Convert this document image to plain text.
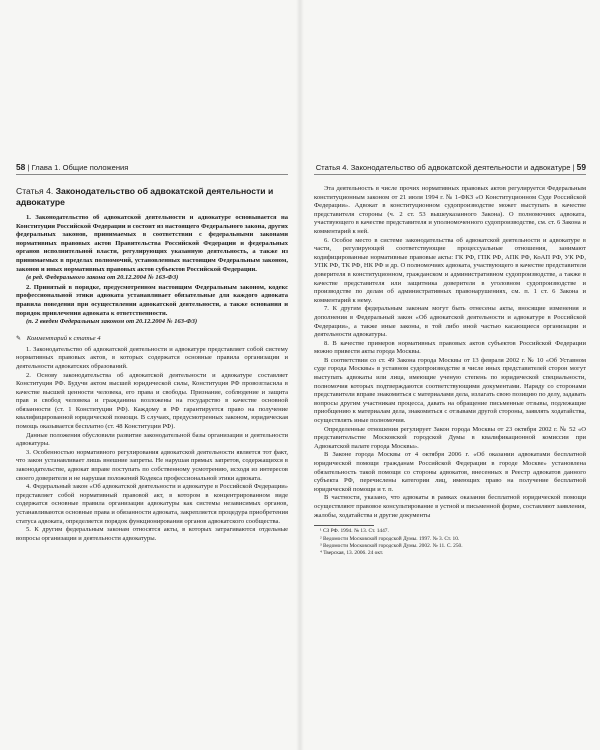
58 | Глава 1. Общие положения
Статья 4. Законодательство об адвокатской деятельности и адвокатуре

1. Законодательство об адвокатской деятельности и адвокатуре основывается на Конституции Российской Федерации и состоит из настоящего Федерального закона, других федеральных законов, принимаемых в соответствии с федеральными законами нормативных правовых актов Правительства Российской Федерации и федеральных органов исполнительной власти, регулирующих указанную деятельность, а также из принимаемых в пределах полномочий, установленных настоящим Федеральным законом, законов и иных нормативных правовых актов субъектов Российской Федерации.

(в ред. Федерального закона от 20.12.2004 № 163-ФЗ)

2. Принятый в порядке, предусмотренном настоящим Федеральным законом, кодекс профессиональной этики адвоката устанавливает обязательные для каждого адвоката правила поведения при осуществлении адвокатской деятельности, а также основания и порядок привлечения адвоката к ответственности.

(п. 2 введен Федеральным законом от 20.12.2004 № 163-ФЗ)

✎ Комментарий к статье 4

1. Законодательство об адвокатской деятельности и адвокатуре представляет собой систему нормативных правовых актов, в которых содержатся основные правила организации и деятельности адвокатских образований.

2. Основу законодательства об адвокатской деятельности и адвокатуре составляет Конституция РФ. Будучи актом высшей юридической силы, Конституция РФ провозгласила в качестве высшей ценности человека, его права и свободы. Признание, соблюдение и защита прав и свобод человека и гражданина возложены на государство в качестве основной обязанности (ст. 1 Конституции РФ). Каждому в РФ гарантируется право на получение квалифицированной юридической помощи. В случаях, предусмотренных законом, юридическая помощь оказывается бесплатно (ст. 48 Конституции РФ).

Данные положения обусловили развитие законодательной базы организации и деятельности адвокатуры.

3. Особенностью нормативного регулирования адвокатской деятельности является тот факт, что закон устанавливает лишь внешние запреты. Не нарушая прямых запретов, содержащихся в законодательстве, адвокат вправе поступать по собственному усмотрению, исходя из интересов своего доверителя и не нарушая положений Кодекса профессиональной этики адвоката.

4. Федеральный закон «Об адвокатской деятельности и адвокатуре в Российской Федерации» представляет собой нормативный правовой акт, в котором в концентрированном виде содержатся основные правила организации адвокатуры как системы независимых органов, устанавливаются основные права и обязанности адвоката, закрепляется процедура приобретения статуса адвоката, определяется порядок функционирования органов адвокатского сообщества.

5. К другим федеральным законам относятся акты, в которых затрагиваются отдельные вопросы организации и деятельности адвокатуры.

Статья 4. Законодательство об адвокатской деятельности и адвокатуре | 59

Эта деятельность в числе прочих нормативных правовых актов регулируется Федеральным конституционным законом от 21 июля 1994 г. № 1-ФКЗ «О Конституционном Суде Российской Федерации». Адвокат в конституционном судопроизводстве может выступать в качестве представителя стороны (ч. 2 ст. 53 вышеуказанного Закона). О полномочиях адвоката, участвующего в качестве представителя и уполномоченного судопроизводстве, см. ст. 6 Закона и комментарий к ней.

6. Особое место в системе законодательства об адвокатской деятельности и адвокатуре в части, регулирующей соответствующие процессуальные отношения, занимают кодифицированные нормативные правовые акты: ГК РФ, ГПК РФ, АПК РФ, КоАП РФ, УК РФ, УПК РФ, ТК РФ, НК РФ и др. О полномочиях адвоката, участвующего в качестве представителя доверителя в конституционном, гражданском и административном судопроизводстве, а также в качестве представителя или защитника доверителя в уголовном судопроизводстве и производстве по делам об административных правонарушениях, см. п. 1 ст. 6 Закона и комментарий к нему.

7. К другим федеральным законам могут быть отнесены акты, вносящие изменения и дополнения в Федеральный закон «Об адвокатской деятельности и адвокатуре в Российской Федерации», а также иные законы, в той либо иной частью касающиеся организации и деятельности адвокатуры.

8. В качестве примеров нормативных правовых актов субъектов Российской Федерации можно привести акты города Москвы.

В соответствии со ст. 49 Закона города Москвы от 13 февраля 2002 г. № 10 «Об Уставном суде города Москвы» в уставном судопроизводстве в числе иных представителей сторон могут выступать адвокаты или лица, имеющие ученую степень по юридической специальности, полномочия которых подтверждаются соответствующими документами. Наряду со сторонами представители вправе знакомиться с материалами дела, излагать свою позицию по делу, задавать вопросы другим участникам процесса, давать на обращение письменные отзывы, подлежащие приобщению к материалам дела, знакомиться с отзывами другой стороны, заявлять ходатайства, осуществлять иные полномочия.

Определенные отношения регулирует Закон города Москвы от 23 октября 2002 г. № 52 «О представительстве Московской городской Думы в квалификационной комиссии при Адвокатской палате города Москвы».

В Законе города Москвы от 4 октября 2006 г. «Об оказании адвокатами бесплатной юридической помощи гражданам Российской Федерации в городе Москве» установлена обязательность такой помощи со стороны адвокатов, внесенных в Реестр адвокатов данного субъекта РФ, перечислены категории лиц, имеющих право на получение бесплатной юридической помощи и т. п.

В частности, указано, что адвокаты в рамках оказания бесплатной юридической помощи осуществляют правовое консультирование в устной и письменной форме, составляют заявления, жалобы, ходатайства и другие документы

¹ СЗ РФ. 1994. № 13. Ст. 1447.

² Ведомости Московской городской Думы. 1997. № 3. Ст. 10.

³ Ведомости Московской городской Думы. 2002. № 11. С. 250.

⁴ Тверская, 13. 2006. 24 окт.
